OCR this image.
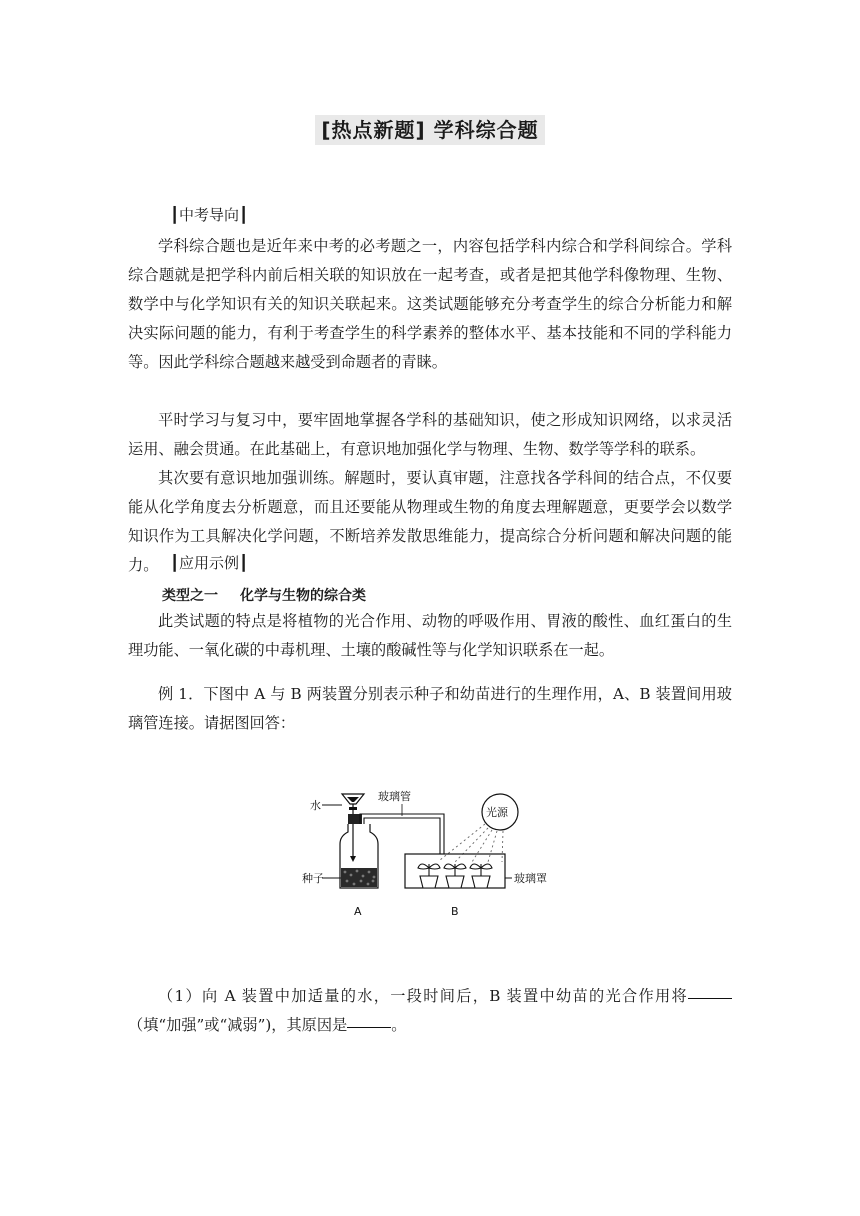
[热点新题] 学科综合题
┃中考导向┃
学科综合题也是近年来中考的必考题之一，内容包括学科内综合和学科间综合。学科综合题就是把学科内前后相关联的知识放在一起考查，或者是把其他学科像物理、生物、数学中与化学知识有关的知识关联起来。这类试题能够充分考查学生的综合分析能力和解决实际问题的能力，有利于考查学生的科学素养的整体水平、基本技能和不同的学科能力等。因此学科综合题越来越受到命题者的青睐。
平时学习与复习中，要牢固地掌握各学科的基础知识，使之形成知识网络，以求灵活运用、融会贯通。在此基础上，有意识地加强化学与物理、生物、数学等学科的联系。
其次要有意识地加强训练。解题时，要认真审题，注意找各学科间的结合点，不仅要能从化学角度去分析题意，而且还要能从物理或生物的角度去理解题意，更要学会以数学知识作为工具解决化学问题，不断培养发散思维能力，提高综合分析问题和解决问题的能力。 ┃应用示例┃
类型之一 化学与生物的综合类
此类试题的特点是将植物的光合作用、动物的呼吸作用、胃液的酸性、血红蛋白的生理功能、一氧化碳的中毒机理、土壤的酸碱性等与化学知识联系在一起。
例 1．下图中 A 与 B 两装置分别表示种子和幼苗进行的生理作用，A、B 装置间用玻璃管连接。请据图回答：
水
种子
玻璃管
光源
玻璃罩
A	B
（1）向 A 装置中加适量的水，一段时间后，B 装置中幼苗的光合作用将（填“加强”或“减弱”)，其原因是	。
